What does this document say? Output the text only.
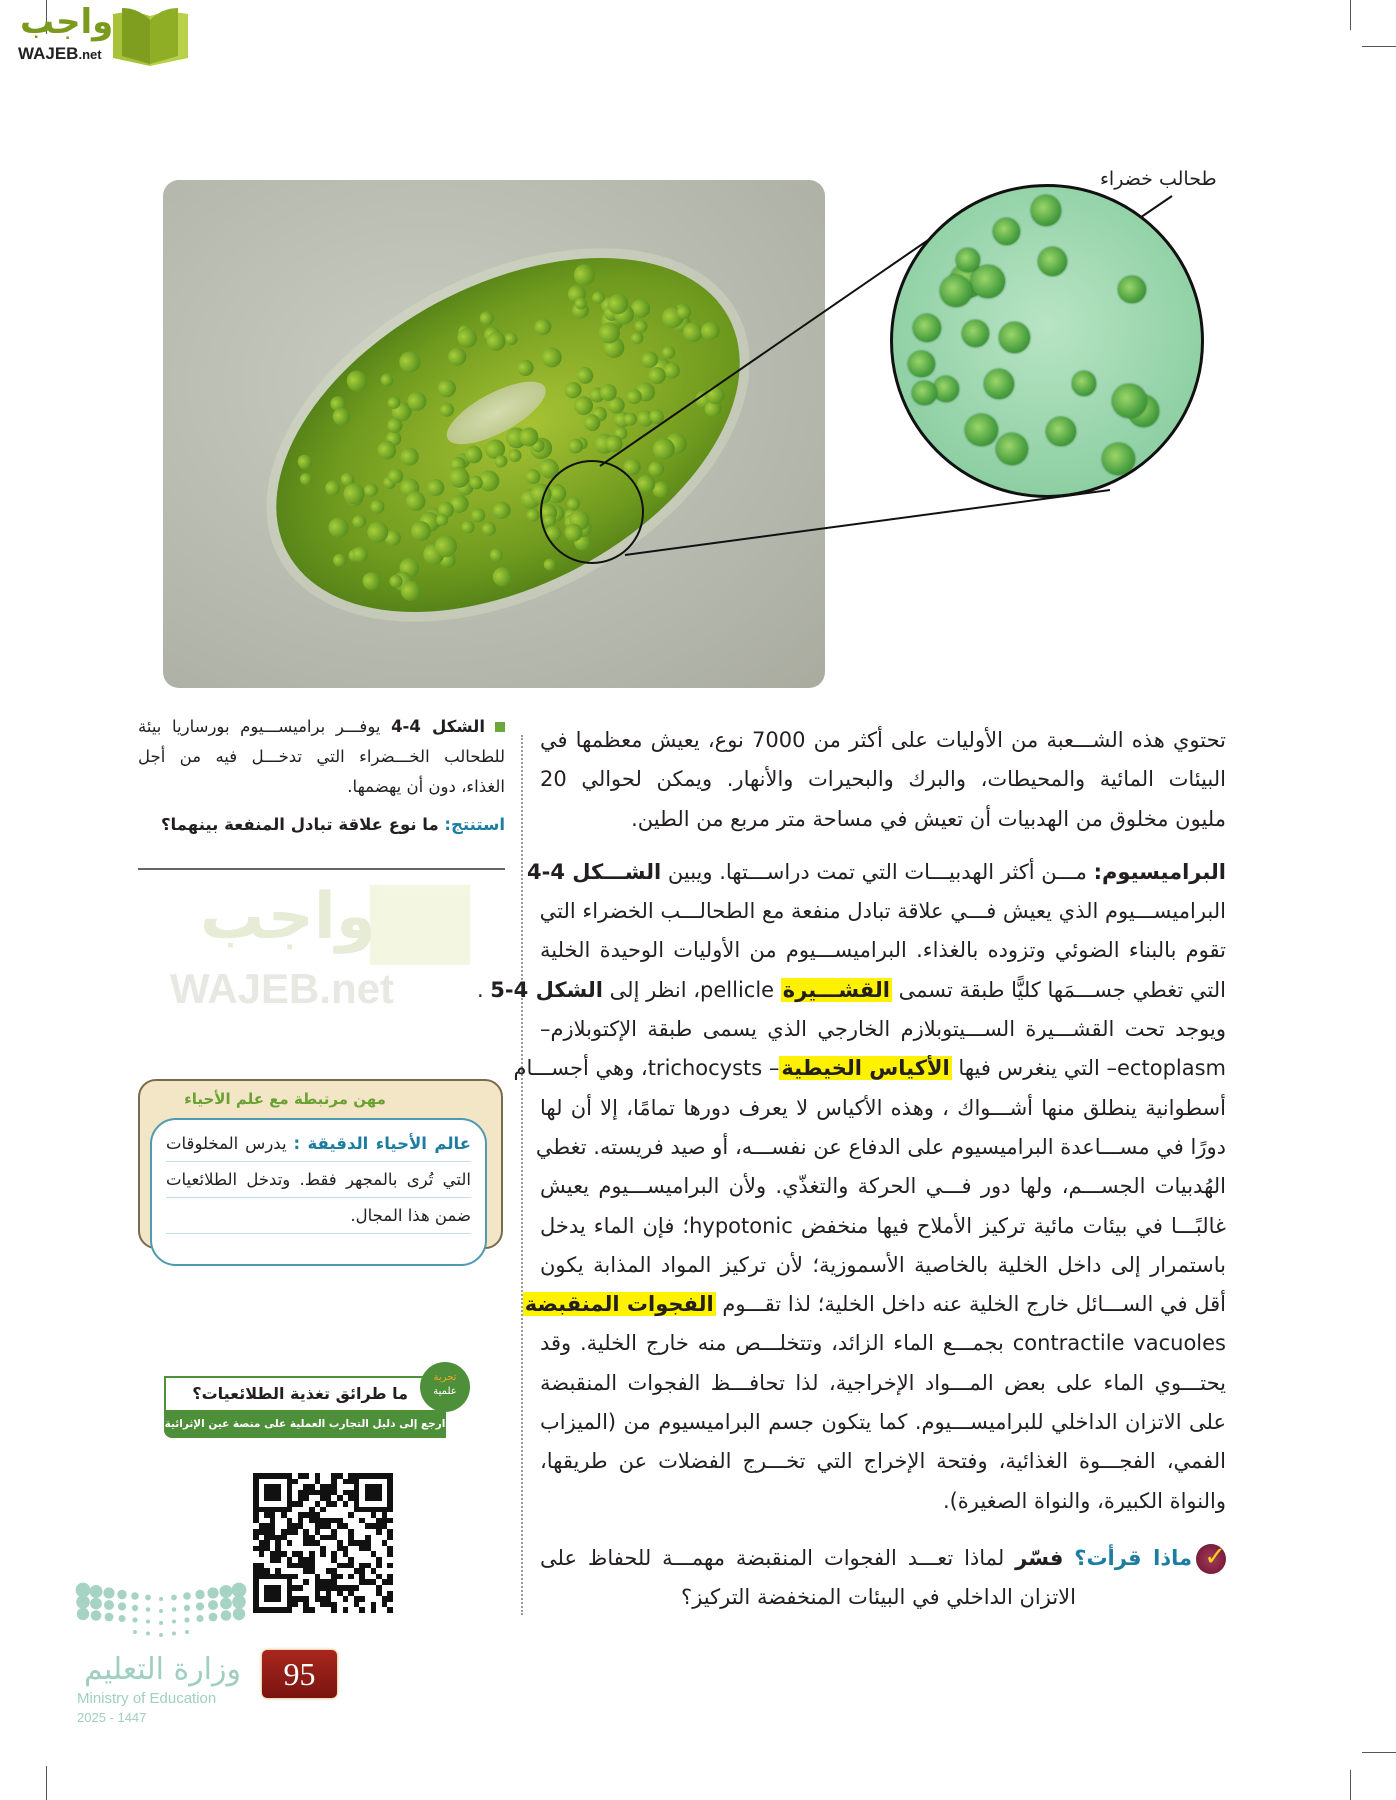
واجب
WAJEB.net
طحالب خضراء
واجب
WAJEB.net
تحتوي هذه الشـــعبة من الأوليات على أكثر من 7000 نوع، يعيش معظمها في
البيئات المائية والمحيطات، والبرك والبحيرات والأنهار. ويمكن لحوالي 20
مليون مخلوق من الهدبيات أن تعيش في مساحة متر مربع من الطين.
البراميسيوم: مـــن أكثر الهدبيـــات التي تمت دراســـتها. ويبين الشـــكل 4-4
البراميســـيوم الذي يعيش فـــي علاقة تبادل منفعة مع الطحالـــب الخضراء التي
تقوم بالبناء الضوئي وتزوده بالغذاء. البراميســـيوم من الأوليات الوحيدة الخلية
التي تغطي جســـمَها كليًّا طبقة تسمى القشـــيرة pellicle، انظر إلى الشكل 4-5 .
ويوجد تحت القشـــيرة الســـيتوبلازم الخارجي الذي يسمى طبقة الإكتوبلازم–
ectoplasm– التي ينغرس فيها الأكياس الخيطية– trichocysts، وهي أجســـام
أسطوانية ينطلق منها أشـــواك ، وهذه الأكياس لا يعرف دورها تمامًا، إلا أن لها
دورًا في مســـاعدة البراميسيوم على الدفاع عن نفســـه، أو صيد فريسته. تغطي
الهُدبيات الجســـم، ولها دور فـــي الحركة والتغذّي. ولأن البراميســـيوم يعيش
غالبًـــا في بيئات مائية تركيز الأملاح فيها منخفض hypotonic؛ فإن الماء يدخل
باستمرار إلى داخل الخلية بالخاصية الأسموزية؛ لأن تركيز المواد المذابة يكون
أقل في الســـائل خارج الخلية عنه داخل الخلية؛ لذا تقـــوم الفجوات المنقبضة
contractile vacuoles بجمـــع الماء الزائد، وتتخلـــص منه خارج الخلية. وقد
يحتـــوي الماء على بعض المـــواد الإخراجية، لذا تحافـــظ الفجوات المنقبضة
على الاتزان الداخلي للبراميســـيوم. كما يتكون جسم البراميسيوم من (الميزاب
الفمي، الفجـــوة الغذائية، وفتحة الإخراج التي تخـــرج الفضلات عن طريقها،
والنواة الكبيرة، والنواة الصغيرة).
✓ماذا قرأت؟ فسّر لماذا تعـــد الفجوات المنقبضة مهمـــة للحفاظ على
الاتزان الداخلي في البيئات المنخفضة التركيز؟
الشكل 4-4 يوفـــر براميســـيوم بورساريا بيئة
للطحالب الخـــضراء التي تدخـــل فيه من أجل
الغذاء، دون أن يهضمها.
استنتج: ما نوع علاقة تبادل المنفعة بينهما؟
مهن مرتبطة مع علم الأحياء
عالم الأحياء الدقيقة : يدرس المخلوقات
التي تُرى بالمجهر فقط. وتدخل الطلائعيات
ضمن هذا المجال.
ما طرائق تغذية الطلائعيات؟
ارجع إلى دليل التجارب العملية على منصة عين الإثرائية
تجربة
علمية
وزارة التعليم
Ministry of Education
2025 - 1447
95
